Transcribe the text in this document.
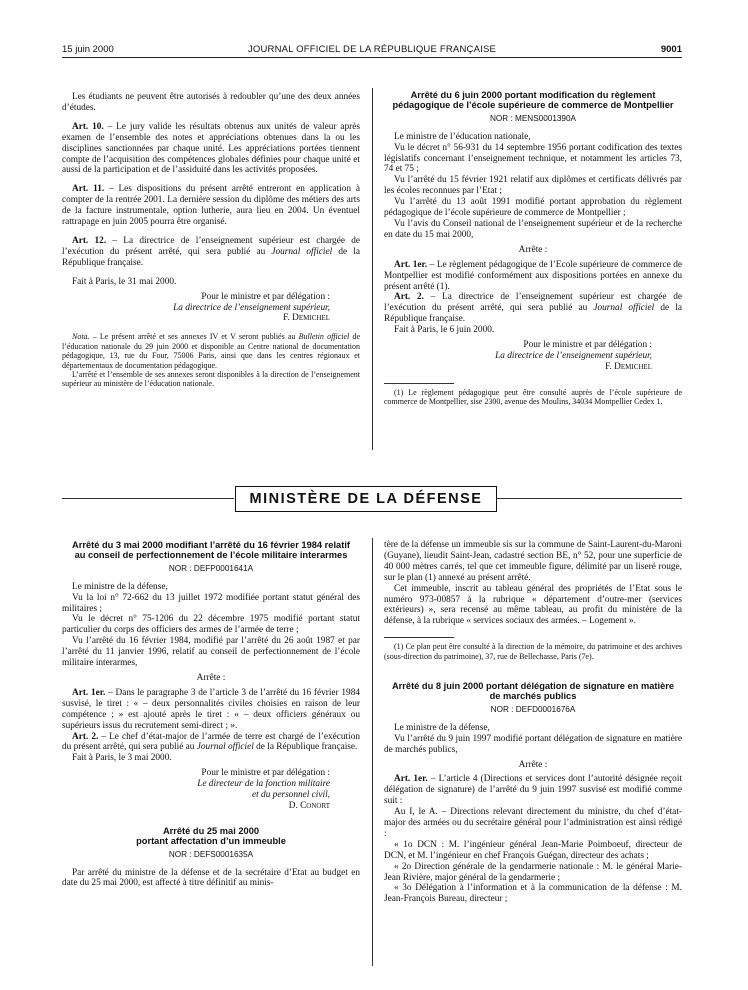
15 juin 2000	JOURNAL OFFICIEL DE LA RÉPUBLIQUE FRANÇAISE	9001

Les étudiants ne peuvent être autorisés à redoubler qu’une des deux années d’études.

Art. 10. – Le jury valide les résultats obtenus aux unités de valeur après examen de l’ensemble des notes et appréciations obtenues dans la ou les disciplines sanctionnées par chaque unité. Les appréciations portées tiennent compte de l’acquisition des compétences globales définies pour chaque unité et aussi de la participation et de l’assiduité dans les activités proposées.

Art. 11. – Les dispositions du présent arrêté entreront en application à compter de la rentrée 2001. La dernière session du diplôme des métiers des arts de la facture instrumentale, option lutherie, aura lieu en 2004. Un éventuel rattrapage en juin 2005 pourra être organisé.

Art. 12. – La directrice de l’enseignement supérieur est chargée de l’exécution du présent arrêté, qui sera publié au Journal officiel de la République française.

Fait à Paris, le 31 mai 2000.

Pour le ministre et par délégation :

La directrice de l’enseignement supérieur,

F. Demichel

Nota. – Le présent arrêté et ses annexes IV et V seront publiés au Bulletin officiel de l’éducation nationale du 29 juin 2000 et disponible au Centre national de documentation pédagogique, 13, rue du Four, 75006 Paris, ainsi que dans les centres régionaux et départementaux de documentation pédagogique.

L’arrêté et l’ensemble de ses annexes seront disponibles à la direction de l’enseignement supérieur au ministère de l’éducation nationale.

Arrêté du 6 juin 2000 portant modification du règlement pédagogique de l’école supérieure de commerce de Montpellier
NOR : MENS0001390A

Le ministre de l’éducation nationale,

Vu le décret n° 56-931 du 14 septembre 1956 portant codification des textes législatifs concernant l’enseignement technique, et notamment les articles 73, 74 et 75 ;

Vu l’arrêté du 15 février 1921 relatif aux diplômes et certificats délivrés par les écoles reconnues par l’Etat ;

Vu l’arrêté du 13 août 1991 modifié portant approbation du règlement pédagogique de l’école supérieure de commerce de Montpellier ;

Vu l’avis du Conseil national de l’enseignement supérieur et de la recherche en date du 15 mai 2000,

Arrête :

Art. 1er. – Le règlement pédagogique de l’Ecole supérieure de commerce de Montpellier est modifié conformément aux dispositions portées en annexe du présent arrêté (1).

Art. 2. – La directrice de l’enseignement supérieur est chargée de l’exécution du présent arrêté, qui sera publié au Journal officiel de la République française.

Fait à Paris, le 6 juin 2000.

Pour le ministre et par délégation :

La directrice de l’enseignement supérieur,

F. Demichel

(1) Le règlement pédagogique peut être consulté auprès de l’école supérieure de commerce de Montpellier, sise 2300, avenue des Moulins, 34034 Montpellier Cedex 1.

MINISTÈRE DE LA DÉFENSE
Arrêté du 3 mai 2000 modifiant l’arrêté du 16 février 1984 relatif au conseil de perfectionnement de l’école militaire interarmes
NOR : DEFP0001641A

Le ministre de la défense,

Vu la loi n° 72-662 du 13 juillet 1972 modifiée portant statut général des militaires ;

Vu le décret n° 75-1206 du 22 décembre 1975 modifié portant statut particulier du corps des officiers des armes de l’armée de terre ;

Vu l’arrêté du 16 février 1984, modifié par l’arrêté du 26 août 1987 et par l’arrêté du 11 janvier 1996, relatif au conseil de perfectionnement de l’école militaire interarmes,

Arrête :

Art. 1er. – Dans le paragraphe 3 de l’article 3 de l’arrêté du 16 février 1984 susvisé, le tiret : « – deux personnalités civiles choisies en raison de leur compétence ; » est ajouté après le tiret : « – deux officiers généraux ou supérieurs issus du recrutement semi-direct ; ».

Art. 2. – Le chef d’état-major de l’armée de terre est chargé de l’exécution du présent arrêté, qui sera publié au Journal officiel de la République française.

Fait à Paris, le 3 mai 2000.

Pour le ministre et par délégation :

Le directeur de la fonction militaire

et du personnel civil,

D. Conort

Arrêté du 25 mai 2000
portant affectation d’un immeuble
NOR : DEFS0001635A

Par arrêté du ministre de la défense et de la secrétaire d’Etat au budget en date du 25 mai 2000, est affecté à titre définitif au minis-

tère de la défense un immeuble sis sur la commune de Saint-Laurent-du-Maroni (Guyane), lieudit Saint-Jean, cadastré section BE, n° 52, pour une superficie de 40 000 mètres carrés, tel que cet immeuble figure, délimité par un liseré rouge, sur le plan (1) annexé au présent arrêté.

Cet immeuble, inscrit au tableau général des propriétés de l’Etat sous le numéro 973-00857 à la rubrique « département d’outre-mer (services extérieurs) », sera recensé au même tableau, au profit du ministère de la défense, à la rubrique « services sociaux des armées. – Logement ».

(1) Ce plan peut être consulté à la direction de la mémoire, du patrimoine et des archives (sous-direction du patrimoine), 37, rue de Bellechasse, Paris (7e).

Arrêté du 8 juin 2000 portant délégation de signature en matière de marchés publics
NOR : DEFD0001676A

Le ministre de la défense,

Vu l’arrêté du 9 juin 1997 modifié portant délégation de signature en matière de marchés publics,

Arrête :

Art. 1er. – L’article 4 (Directions et services dont l’autorité désignée reçoit délégation de signature) de l’arrêté du 9 juin 1997 susvisé est modifié comme suit :

Au I, le A. – Directions relevant directement du ministre, du chef d’état-major des armées ou du secrétaire général pour l’administration est ainsi rédigé :

« 1o DCN : M. l’ingénieur général Jean-Marie Poimboeuf, directeur de DCN, et M. l’ingénieur en chef François Guégan, directeur des achats ;

« 2o Direction générale de la gendarmerie nationale : M. le général Marie-Jean Rivière, major général de la gendarmerie ;

« 3o Délégation à l’information et à la communication de la défense : M. Jean-François Bureau, directeur ;
